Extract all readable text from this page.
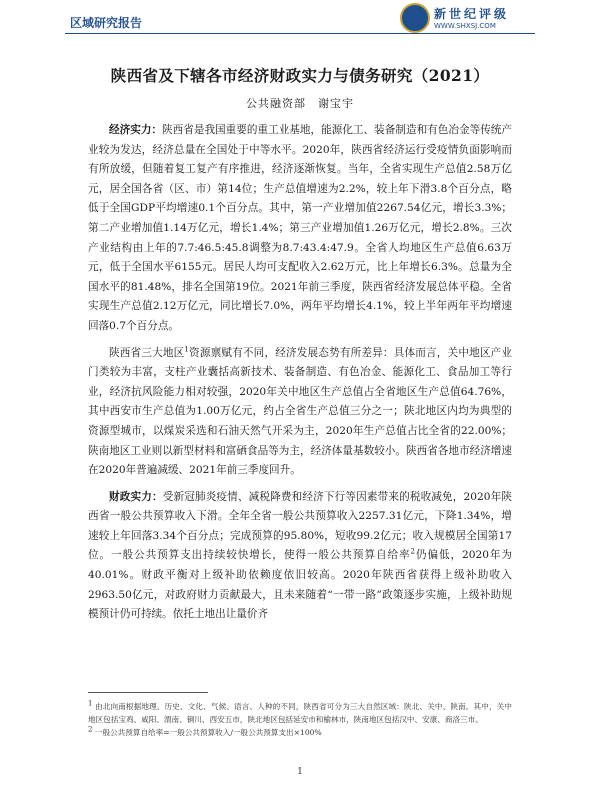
区域研究报告
新世纪评级
WWW.SHXSJ.COM
陕西省及下辖各市经济财政实力与债务研究（2021）
公共融资部　谢宝宇

经济实力：陕西省是我国重要的重工业基地，能源化工、装备制造和有色冶金等传统产业较为发达，经济总量在全国处于中等水平。2020年，陕西省经济运行受疫情负面影响而有所放缓，但随着复工复产有序推进，经济逐渐恢复。当年，全省实现生产总值2.58万亿元，居全国各省（区、市）第14位；生产总值增速为2.2%，较上年下滑3.8个百分点，略低于全国GDP平均增速0.1个百分点。其中，第一产业增加值2267.54亿元，增长3.3%；第二产业增加值1.14万亿元，增长1.4%；第三产业增加值1.26万亿元，增长2.8%。三次产业结构由上年的7.7:46.5:45.8调整为8.7:43.4:47.9。全省人均地区生产总值6.63万元，低于全国水平6155元。居民人均可支配收入2.62万元，比上年增长6.3%。总量为全国水平的81.48%，排名全国第19位。2021年前三季度，陕西省经济发展总体平稳。全省实现生产总值2.12万亿元，同比增长7.0%，两年平均增长4.1%，较上半年两年平均增速回落0.7个百分点。

陕西省三大地区$^1$资源禀赋有不同，经济发展态势有所差异：具体而言，关中地区产业门类较为丰富，支柱产业囊括高新技术、装备制造、有色冶金、能源化工、食品加工等行业，经济抗风险能力相对较强，2020年关中地区生产总值占全省地区生产总值64.76%，其中西安市生产总值为1.00万亿元，约占全省生产总值三分之一；陕北地区内均为典型的资源型城市，以煤炭采选和石油天然气开采为主，2020年生产总值占比全省的22.00%；陕南地区工业则以新型材料和富硒食品等为主，经济体量基数较小。陕西省各地市经济增速在2020年普遍减缓、2021年前三季度回升。

财政实力：受新冠肺炎疫情、减税降费和经济下行等因素带来的税收减免，2020年陕西省一般公共预算收入下滑。全年全省一般公共预算收入2257.31亿元，下降1.34%，增速较上年回落3.34个百分点；完成预算的95.80%，短收99.2亿元；收入规模居全国第17位。一般公共预算支出持续较快增长，使得一般公共预算自给率$^2$仍偏低，2020年为40.01%。财政平衡对上级补助依赖度依旧较高。2020年陕西省获得上级补助收入2963.50亿元，对政府财力贡献最大，且未来随着“一带一路”政策逐步实施，上级补助规模预计仍可持续。依托土地出让量价齐

$^1$ 由北向南根据地理、历史、文化、气候、语言、人种的不同，陕西省可分为三大自然区域：陕北、关中、陕南。其中，关中地区包括宝鸡、咸阳、渭南、铜川、西安五市，陕北地区包括延安市和榆林市，陕南地区包括汉中、安康、商洛三市。

$^2$ 一般公共预算自给率=一般公共预算收入/一般公共预算支出×100%

1
